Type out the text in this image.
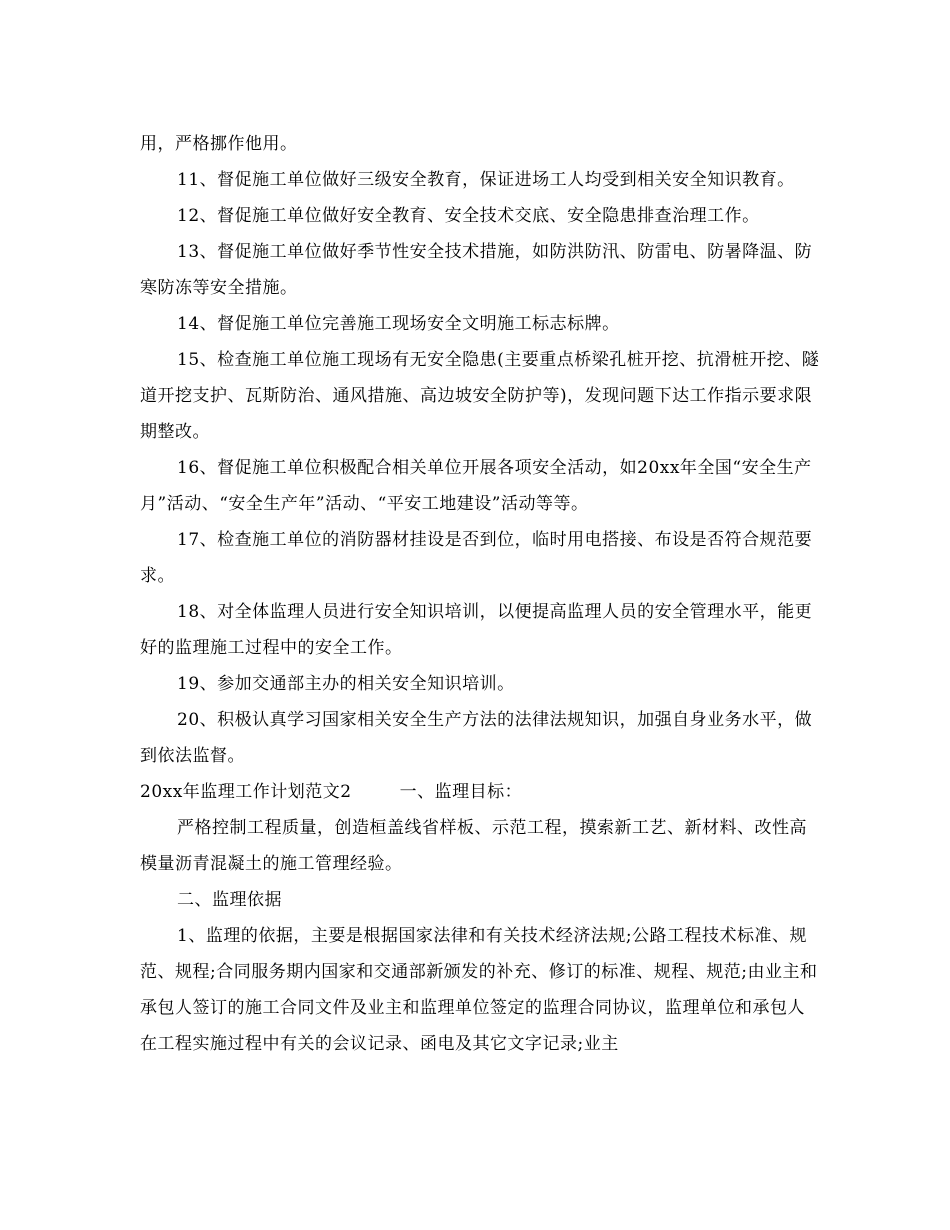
用，严格挪作他用。

11、督促施工单位做好三级安全教育，保证进场工人均受到相关安全知识教育。

12、督促施工单位做好安全教育、安全技术交底、安全隐患排查治理工作。

13、督促施工单位做好季节性安全技术措施，如防洪防汛、防雷电、防暑降温、防寒防冻等安全措施。

14、督促施工单位完善施工现场安全文明施工标志标牌。

15、检查施工单位施工现场有无安全隐患(主要重点桥梁孔桩开挖、抗滑桩开挖、隧道开挖支护、瓦斯防治、通风措施、高边坡安全防护等)，发现问题下达工作指示要求限期整改。

16、督促施工单位积极配合相关单位开展各项安全活动，如20xx年全国“安全生产月”活动、“安全生产年”活动、“平安工地建设”活动等等。

17、检查施工单位的消防器材挂设是否到位，临时用电搭接、布设是否符合规范要求。

18、对全体监理人员进行安全知识培训，以便提高监理人员的安全管理水平，能更好的监理施工过程中的安全工作。

19、参加交通部主办的相关安全知识培训。

20、积极认真学习国家相关安全生产方法的法律法规知识，加强自身业务水平，做到依法监督。

20xx年监理工作计划范文2	一、监理目标：

严格控制工程质量，创造桓盖线省样板、示范工程，摸索新工艺、新材料、改性高模量沥青混凝土的施工管理经验。

二、监理依据

1、监理的依据，主要是根据国家法律和有关技术经济法规;公路工程技术标准、规范、规程;合同服务期内国家和交通部新颁发的补充、修订的标准、规程、规范;由业主和承包人签订的施工合同文件及业主和监理单位签定的监理合同协议，监理单位和承包人在工程实施过程中有关的会议记录、函电及其它文字记录;业主
